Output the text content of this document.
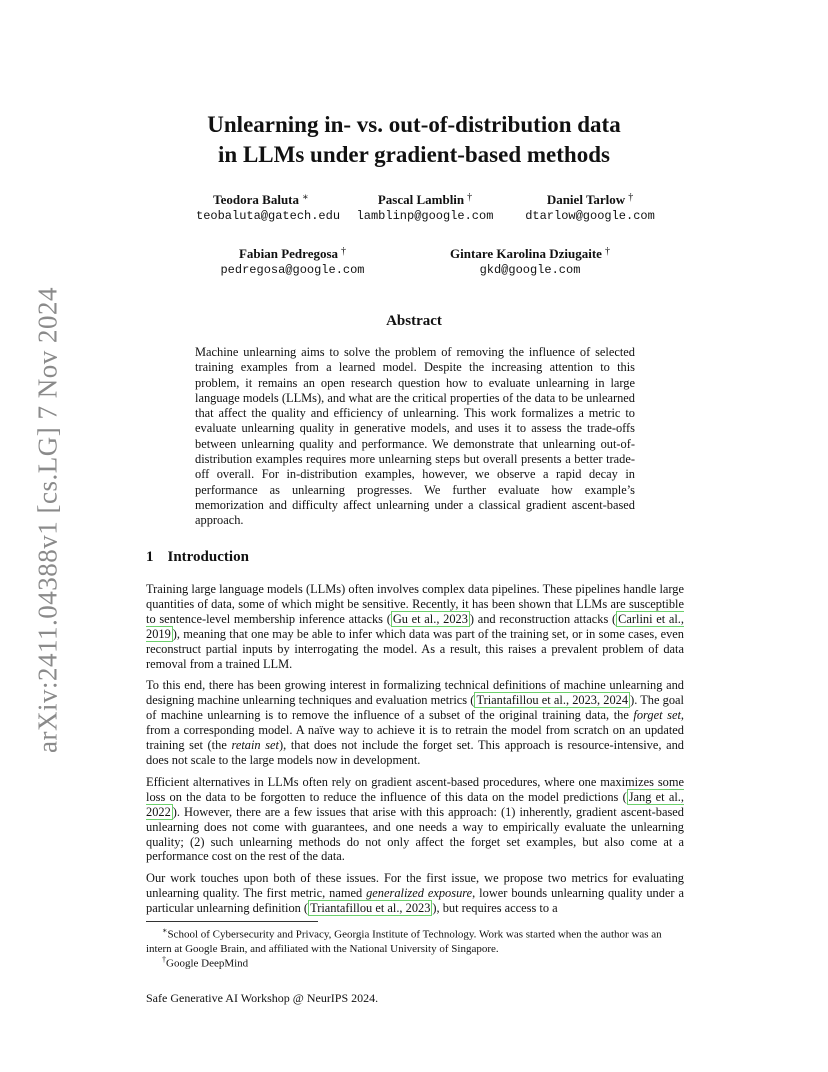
arXiv:2411.04388v1 [cs.LG] 7 Nov 2024
Unlearning in- vs. out-of-distribution data
in LLMs under gradient-based methods
Teodora Baluta ∗
teobaluta@gatech.edu
Pascal Lamblin †
lamblinp@google.com
Daniel Tarlow †
dtarlow@google.com
Fabian Pedregosa †
pedregosa@google.com
Gintare Karolina Dziugaite †
gkd@google.com
Abstract
Machine unlearning aims to solve the problem of removing the influence of selected training examples from a learned model. Despite the increasing attention to this problem, it remains an open research question how to evaluate unlearning in large language models (LLMs), and what are the critical properties of the data to be unlearned that affect the quality and efficiency of unlearning. This work formalizes a metric to evaluate unlearning quality in generative models, and uses it to assess the trade-offs between unlearning quality and performance. We demonstrate that unlearning out-of-distribution examples requires more unlearning steps but overall presents a better trade-off overall. For in-distribution examples, however, we observe a rapid decay in performance as unlearning progresses. We further evaluate how example’s memorization and difficulty affect unlearning under a classical gradient ascent-based approach.
1 Introduction

Training large language models (LLMs) often involves complex data pipelines. These pipelines handle large quantities of data, some of which might be sensitive. Recently, it has been shown that LLMs are susceptible to sentence-level membership inference attacks ( Gu et al., 2023 ) and reconstruction attacks ( Carlini et al., 2019 ), meaning that one may be able to infer which data was part of the training set, or in some cases, even reconstruct partial inputs by interrogating the model. As a result, this raises a prevalent problem of data removal from a trained LLM.

To this end, there has been growing interest in formalizing technical definitions of machine unlearning and designing machine unlearning techniques and evaluation metrics ( Triantafillou et al., 2023, 2024 ). The goal of machine unlearning is to remove the influence of a subset of the original training data, the forget set, from a corresponding model. A naïve way to achieve it is to retrain the model from scratch on an updated training set (the retain set), that does not include the forget set. This approach is resource-intensive, and does not scale to the large models now in development.

Efficient alternatives in LLMs often rely on gradient ascent-based procedures, where one maximizes some loss on the data to be forgotten to reduce the influence of this data on the model predictions ( Jang et al., 2022 ). However, there are a few issues that arise with this approach: (1) inherently, gradient ascent-based unlearning does not come with guarantees, and one needs a way to empirically evaluate the unlearning quality; (2) such unlearning methods do not only affect the forget set examples, but also come at a performance cost on the rest of the data.

Our work touches upon both of these issues. For the first issue, we propose two metrics for evaluating unlearning quality. The first metric, named generalized exposure, lower bounds unlearning quality under a particular unlearning definition ( Triantafillou et al., 2023 ), but requires access to a

∗School of Cybersecurity and Privacy, Georgia Institute of Technology. Work was started when the author was an intern at Google Brain, and affiliated with the National University of Singapore.
†Google DeepMind
Safe Generative AI Workshop @ NeurIPS 2024.
